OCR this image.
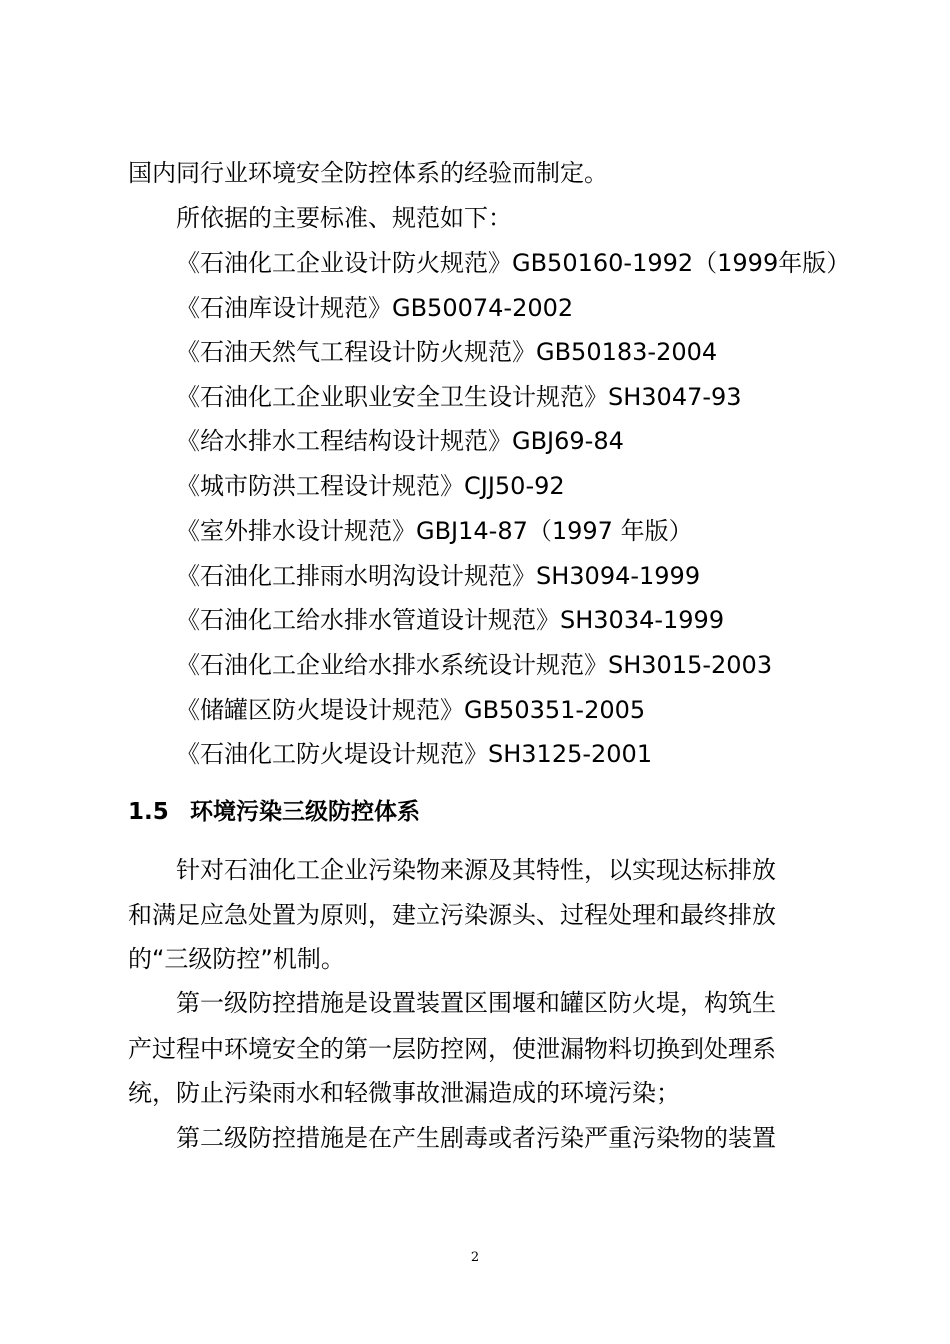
国内同行业环境安全防控体系的经验而制定。
所依据的主要标准、规范如下：
《石油化工企业设计防火规范》GB50160-1992（1999年版）
《石油库设计规范》GB50074-2002
《石油天然气工程设计防火规范》GB50183-2004
《石油化工企业职业安全卫生设计规范》SH3047-93
《给水排水工程结构设计规范》GBJ69-84
《城市防洪工程设计规范》CJJ50-92
《室外排水设计规范》GBJ14-87（1997 年版）
《石油化工排雨水明沟设计规范》SH3094-1999
《石油化工给水排水管道设计规范》SH3034-1999
《石油化工企业给水排水系统设计规范》SH3015-2003
《储罐区防火堤设计规范》GB50351-2005
《石油化工防火堤设计规范》SH3125-2001
1.5 环境污染三级防控体系
针对石油化工企业污染物来源及其特性，以实现达标排放
和满足应急处置为原则，建立污染源头、过程处理和最终排放
的“三级防控”机制。
第一级防控措施是设置装置区围堰和罐区防火堤，构筑生
产过程中环境安全的第一层防控网，使泄漏物料切换到处理系
统，防止污染雨水和轻微事故泄漏造成的环境污染；
第二级防控措施是在产生剧毒或者污染严重污染物的装置
2
